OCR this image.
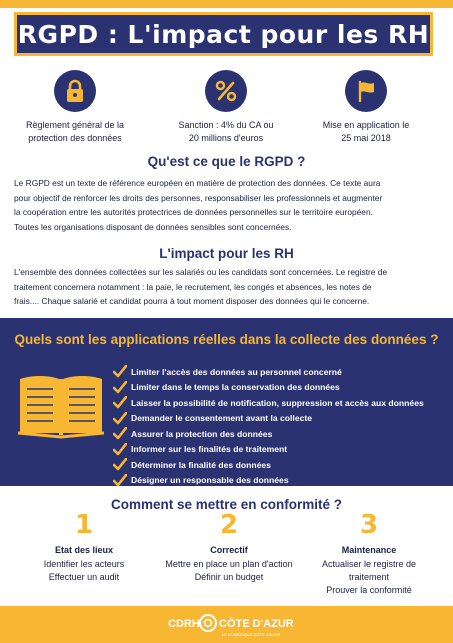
RGPD : L'impact pour les RH
Règlement général de la
protection des données
Sanction : 4% du CA ou
20 millions d'euros
Mise en application le
25 mai 2018
Qu'est ce que le RGPD ?
Le RGPD est un texte de référence européen en matière de protection des données. Ce texte aura
pour objectif de renforcer les droits des personnes, responsabiliser les professionnels et augmenter
la coopération entre les autorités protectrices de données personnelles sur le territoire européen.
Toutes les organisations disposant de données sensibles sont concernées.
L'impact pour les RH
L'ensemble des données collectées sur les salariés ou les candidats sont concernées. Le registre de
traitement concernera notamment : la paie, le recrutement, les congés et absences, les notes de
frais.... Chaque salarié et candidat pourra à tout moment disposer des données qui le concerne.
Quels sont les applications réelles dans la collecte des données ?
Limiter l'accès des données au personnel concerné
Limiter dans le temps la conservation des données
Laisser la possibilité de notification, suppression et accès aux données
Demander le consentement avant la collecte
Assurer la protection des données
Informer sur les finalités de traitement
Déterminer la finalité des données
Désigner un responsable des données
Comment se mettre en conformité ?
1
Etat des lieux
Identifier les acteurs
Effectuer un audit
2
Correctif
Mettre en place un plan d'action
Définir un budget
3
Maintenance
Actualiser le registre de
traitement
Prouver la conformité
CDRH CÔTE D'AZUR
LE NUMÉRIQUE CÔTE D'AZUR
